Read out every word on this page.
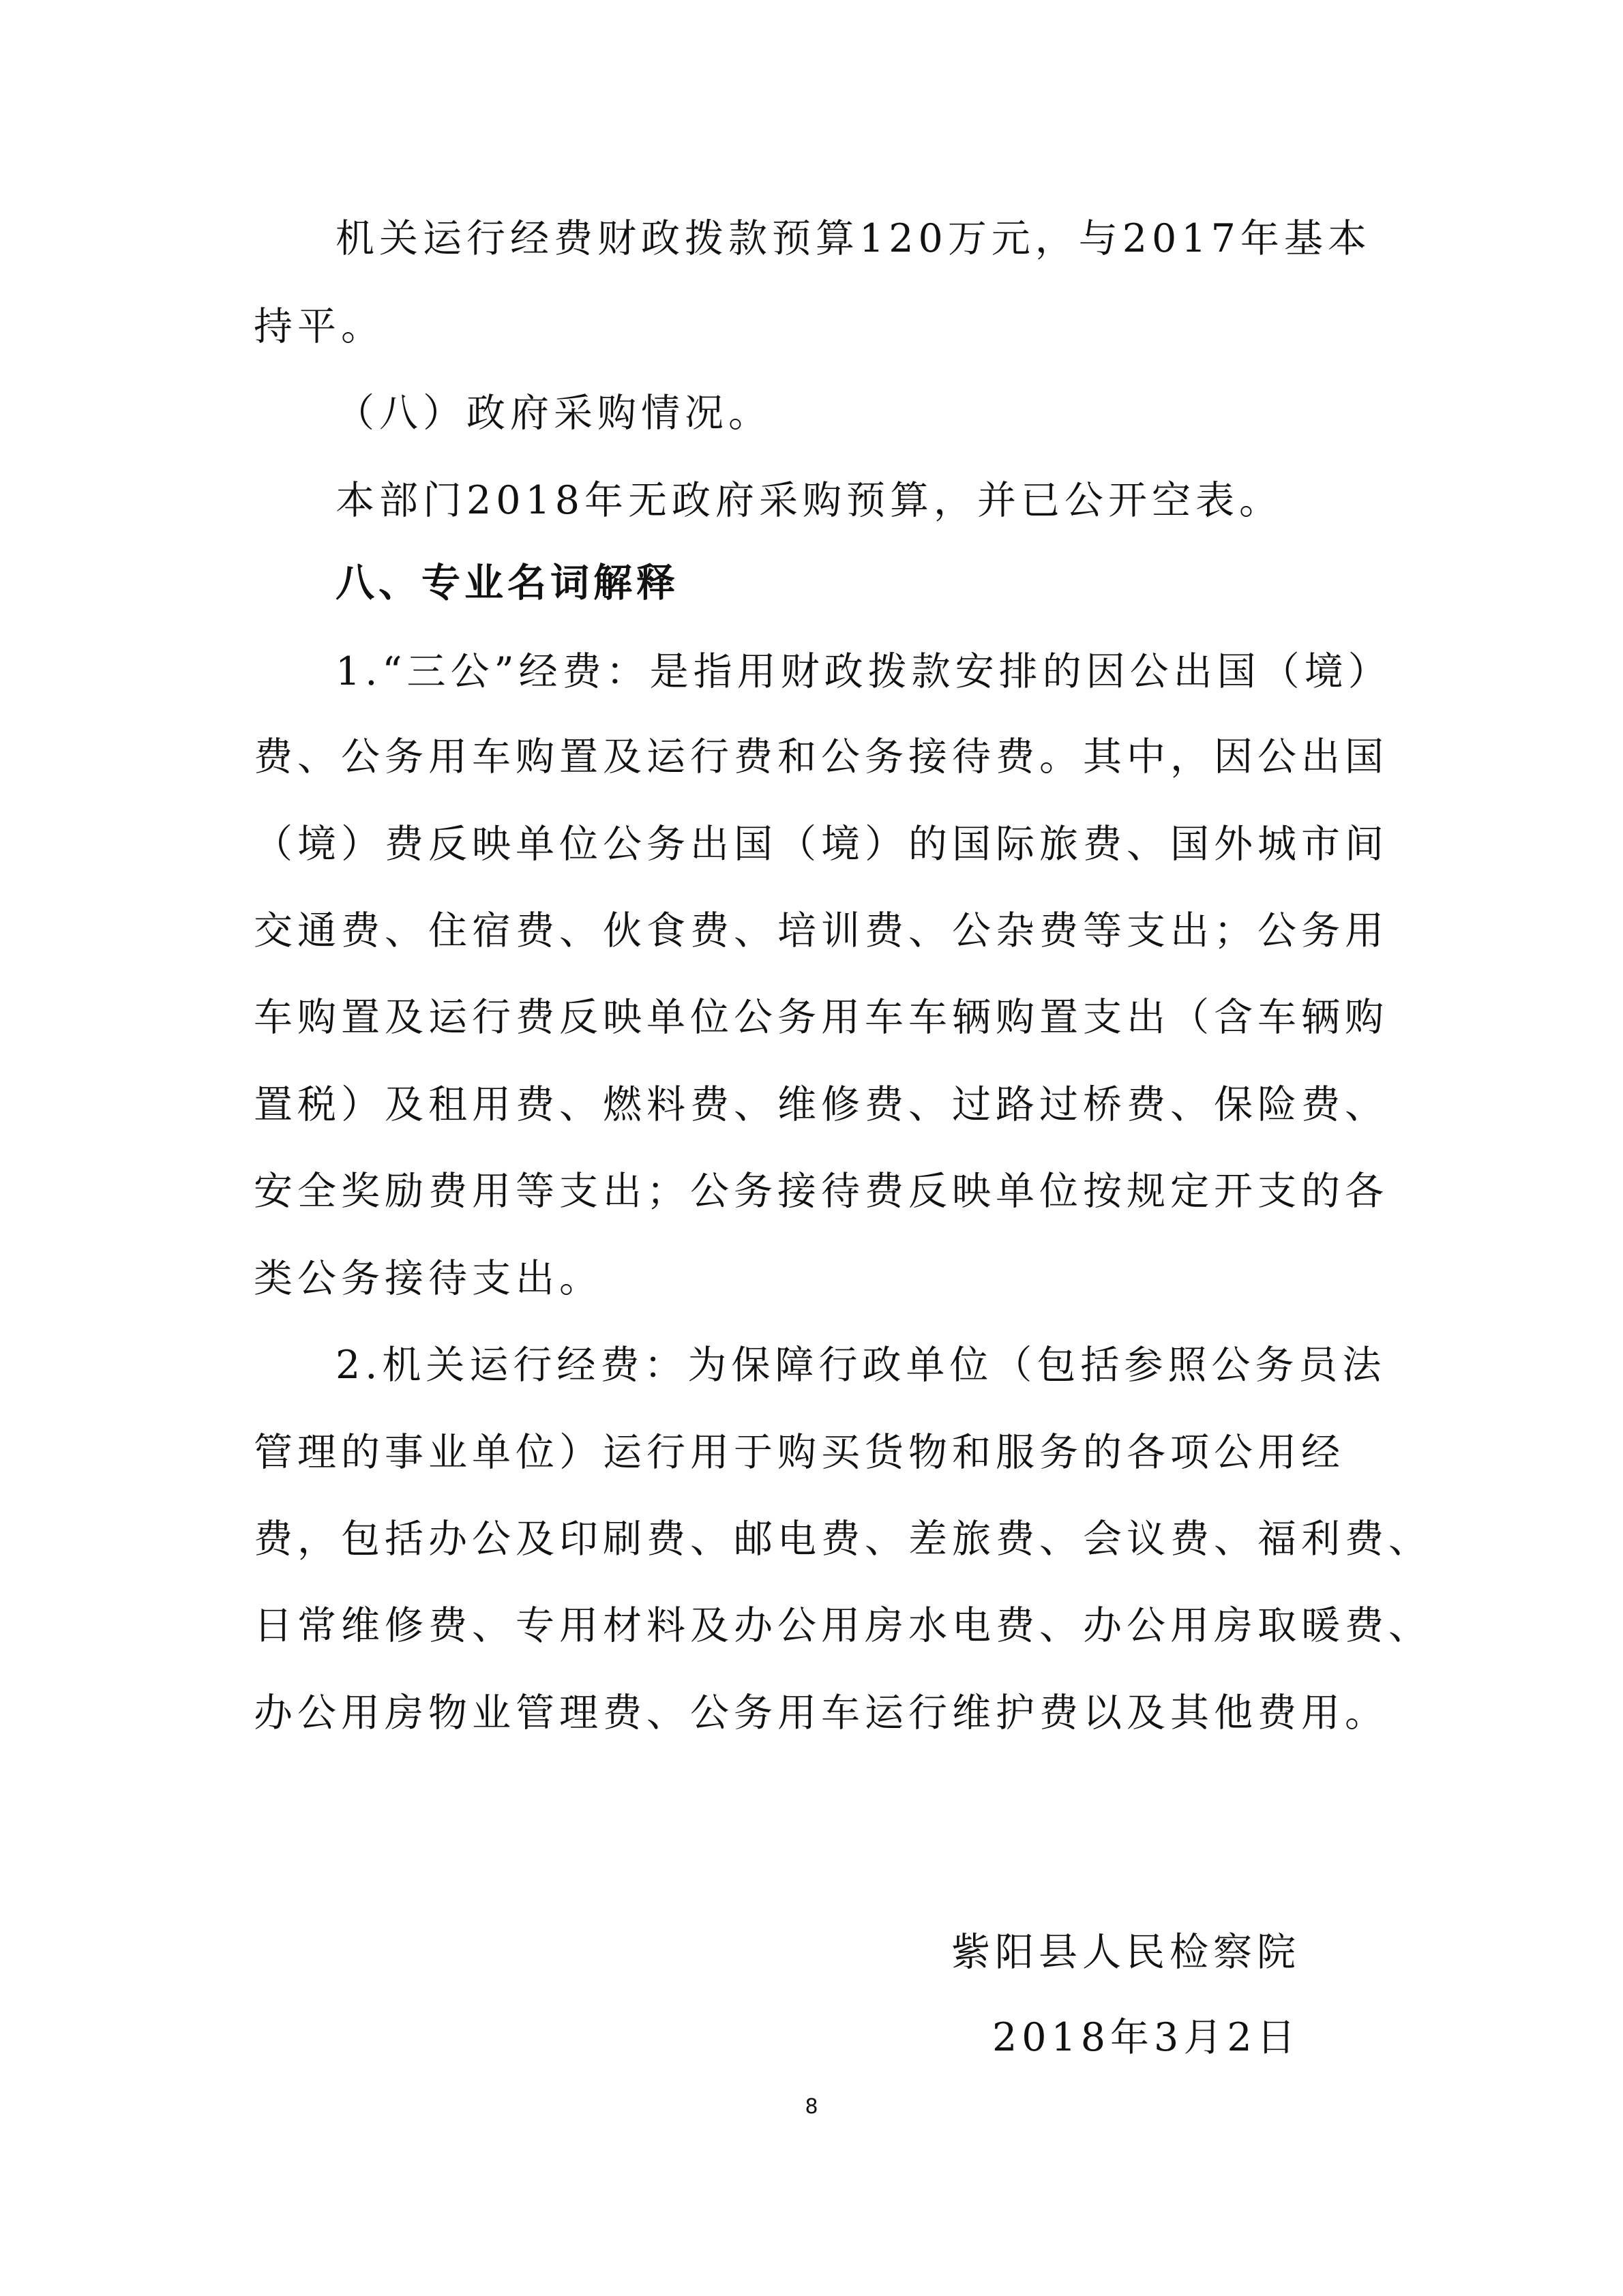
机关运行经费财政拨款预算120万元，与2017年基本
持平。
（八）政府采购情况。
本部门2018年无政府采购预算，并已公开空表。
八、专业名词解释
1.“三公”经费：是指用财政拨款安排的因公出国（境）
费、公务用车购置及运行费和公务接待费。其中，因公出国
（境）费反映单位公务出国（境）的国际旅费、国外城市间
交通费、住宿费、伙食费、培训费、公杂费等支出；公务用
车购置及运行费反映单位公务用车车辆购置支出（含车辆购
置税）及租用费、燃料费、维修费、过路过桥费、保险费、
安全奖励费用等支出；公务接待费反映单位按规定开支的各
类公务接待支出。
2.机关运行经费：为保障行政单位（包括参照公务员法
管理的事业单位）运行用于购买货物和服务的各项公用经
费，包括办公及印刷费、邮电费、差旅费、会议费、福利费、
日常维修费、专用材料及办公用房水电费、办公用房取暖费、
办公用房物业管理费、公务用车运行维护费以及其他费用。
紫阳县人民检察院
2018年3月2日
8
